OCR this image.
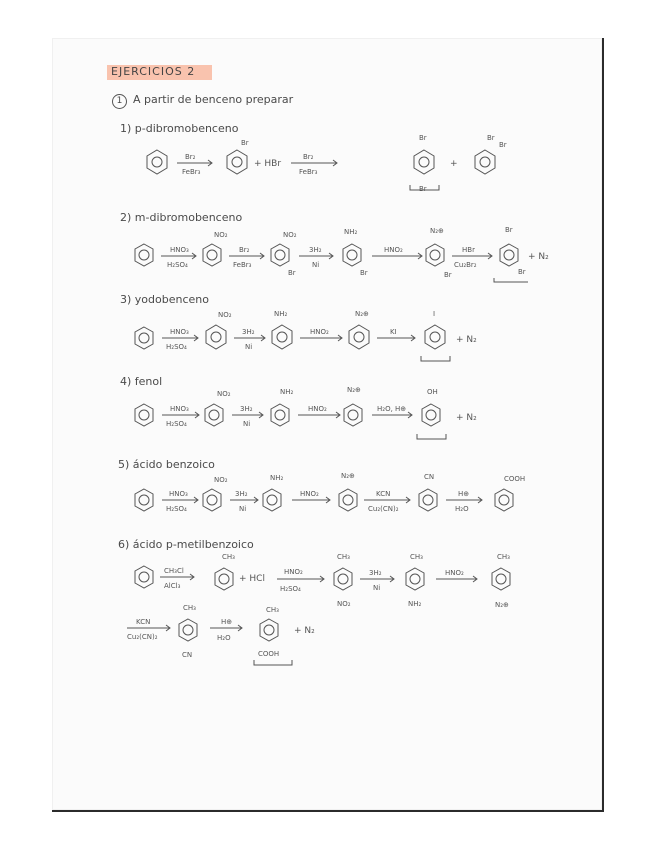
EJERCICIOS 2
1 A partir de benceno preparar
1) p-dibromobenceno
Br₂
FeBr₃
Br
+ HBr
Br₂
FeBr₃
Br
Br
+
Br
Br
2) m-dibromobenceno
HNO₃
H₂SO₄
NO₂
Br₂
FeBr₃
NO₂
Br
3H₂
Ni
NH₂
Br
HNO₂
N₂⊕
Br
HBr
Cu₂Br₂
Br
Br
+ N₂
3) yodobenceno
HNO₃
H₂SO₄
NO₂
3H₂
Ni
NH₂
HNO₂
N₂⊕
KI
I
+ N₂
4) fenol
HNO₃
H₂SO₄
NO₂
3H₂
Ni
NH₂
HNO₂
N₂⊕
H₂O, H⊕
OH
+ N₂
5) ácido benzoico
HNO₃
H₂SO₄
NO₂
3H₂
Ni
NH₂
HNO₂
N₂⊕
KCN
Cu₂(CN)₂
CN
H⊕
H₂O
COOH
6) ácido p-metilbenzoico
CH₃Cl
AlCl₃
CH₃
+ HCl
HNO₂
H₂SO₄
CH₃
NO₂
3H₂
Ni
CH₃
NH₂
HNO₂
CH₃
N₂⊕
KCN
Cu₂(CN)₂
CH₃
CN
H⊕
H₂O
CH₃
COOH
+ N₂
